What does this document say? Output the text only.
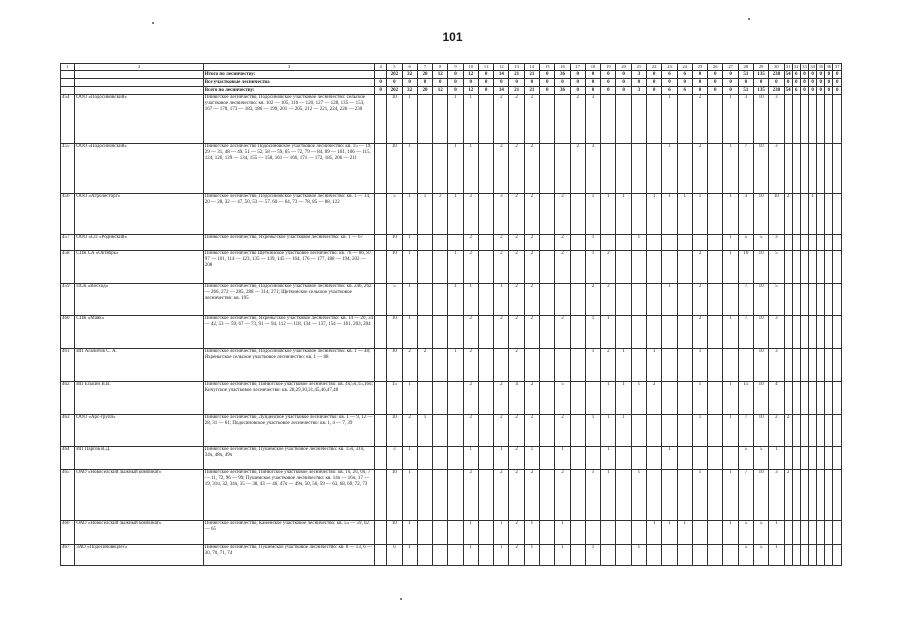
101
1	2	3	4	5	6	7	8	9	10	11	12	13	14	15	16	17	18	19	20	21	22	23	24	25	26	27	28	29	30	31	32	33	34	35	36	37
		Итого по лесничеству:		202	32	20	12	0	12	0	14	21	21	0	36	0	0	0	0	3	0	6	6	0	0	0	51	135	238	54	6	0	0	0	0	0
		Все участковые лесничества	0	0	0	0	0	0	0	0	0	0	0	0	0	0	0	0	0	0	0	0	0	0	0	0	0	0	0	0	0	0	0	0	0	0
		Всего по лесничеству:	0	202	32	20	12	0	12	0	14	21	21	0	36	0	0	0	0	3	0	6	6	0	0	0	51	135	238	54	6	0	0	0	0	0
454	ООО «Подосиновский»	Пинюгское лесничество, Подосиновское участковое лесничество: сельское участковое лесничество: кв. 102 — 105, 116 — 120, 127 — 128, 135 — 153, 167 — 170, 173 — 183, 186 — 199, 201 — 205, 212 — 221, 224, 226 — 230		10	1			1	1		2	2	2			2	3					1		2		1	3	10	3							
455	ООО «Подосиновский»	Пинюгское лесничество Подосиновское участковое лесничество: кв. 15 — 19, 29 — 31, 48 — 49, 51 — 52, 58 — 59, 65 — 72, 79 — 84, 89 — 101, 106 — 115, 124, 126, 129 — 134, 155 — 158, 161 — 166, 171 — 172, 185, 206 — 211		10	1			1	1		2	2	2			2	3					1		2		1	7	10	3							
456	ООО «Агролесторг»	Пинюгское лесничество, Подосиновское участковое лесничество: кв. 1 — 14, 20 — 28, 32 — 47, 50, 53 — 57, 60 — 64, 73 — 78, 85 — 88, 122		5	1	1	2	1	2		3	2	2		2		1	1	1		1	1	1	1		1	3	10	10	2			1			
457	ООО «СП «Родинский»	Пинюгское лесничество, Яхреньгское участковое лесничество: кв. 1 — 67		10	1				2		2	2	2		2		1			1						1	5	5	3							
458	СПК СА «Октябрь»	Пинюгское лесничество Щеткинское участковое лесничество: кв. 76 — 86, 87, 97 — 101, 114 — 123, 135 — 139, 145 — 164, 176 — 177, 188 — 194, 202 — 208		10	1			1	2		2	2	2		2		1	2						2		1	10	10	5							
459	ПСК «Восход»	Пинюгское лесничество, Подосиновское участковое лесничество: кв. 246, 262 — 266, 272 — 285, 288 — 314, 271; Щеткинское сельское участковое лесничество: кв. 195		5	1			1	1		1	2	2				2	2				1		2			7	10	5							
460	СПК «Маяк»	Пинюгское лесничество, Яхреньгское участковое лесничество: кв. 14 — 20, 34 — 42, 53 — 59, 67 — 73, 91 — 94, 112 — 118, 134 — 137, 154 — 161, 203, 204		10	1				2		2	2	2		2		1	1						2		1	7	10	3							
461	ИП Агапитов С. А.	Пинюгское лесничество, Подосиновское участковое лесничество: кв. 1 — 48; Яхреньгское сельское участковое лесничество: кв. 1 — 88		10	2	2		1	2			2					1	2	1		1			1				10	3							
462	ИП Еськин В.В.	Пинюгское лесничество, Пинюгское участковое лесничество: кв. 4ч,5ч,15,16ч; Кичугское участковое лесничество: кв. 28,29,30,31,45,46,47,48		15	1				2		2	4	2		5			1	1	1	2			1		1	15	10	4							
463	ООО «Арс-групп»	Пинюгское лесничество, Лунденское участковое лесничество: кв. 1 — 9, 12 — 28, 31 — 61; Подосиновское участковое лесничество: кв. 1, 4 — 7, 39		10	2	1			2		2	2	2		2		1	1	1					1		1	7	10	2	2						
464	ИП Паргов В.Д.	Пинюгское лесничество, Пушемское участковое лесничество: кв. 15ч, 31ч, 34ч, 48ч, 49ч		3	1				1		1	2	1		1			1				1					5	5	1							
465	ОАО «Новоселский лыжный комбинат»	Пинюгское лесничество, Пинюгское участковое лесничество: кв. 1ч, 2ч, 6ч, 7 — 11, 72, 96 — 99; Пушемское участковое лесничество: кв. 14ч — 16ч, 17 — 19, 31ч, 32, 34ч, 35 — 38, 43 — 46, 47ч — 49ч, 50, 56, 59 — 63, 68, 69, 72, 73		10	1				2		2	2	2		2		1	1		1				1		1	7	10	3	2						
466	ОАО «Новоселский лыжный комбинат»	Пинюгское лесничество, Каменское участковое лесничество: кв. 55 — 59, 62 — 65		10	1				1		1	2	1		1						1	1	1			1	5	5	1							
467	ЗАО «Подосиновецлес»	Пинюгское лесничество, Пушемское участковое лесничество: кв. 8 — 13, 6 — 30, 70, 71, 74		6	1				1		1	2	1		1		1			1							5	5	1							
